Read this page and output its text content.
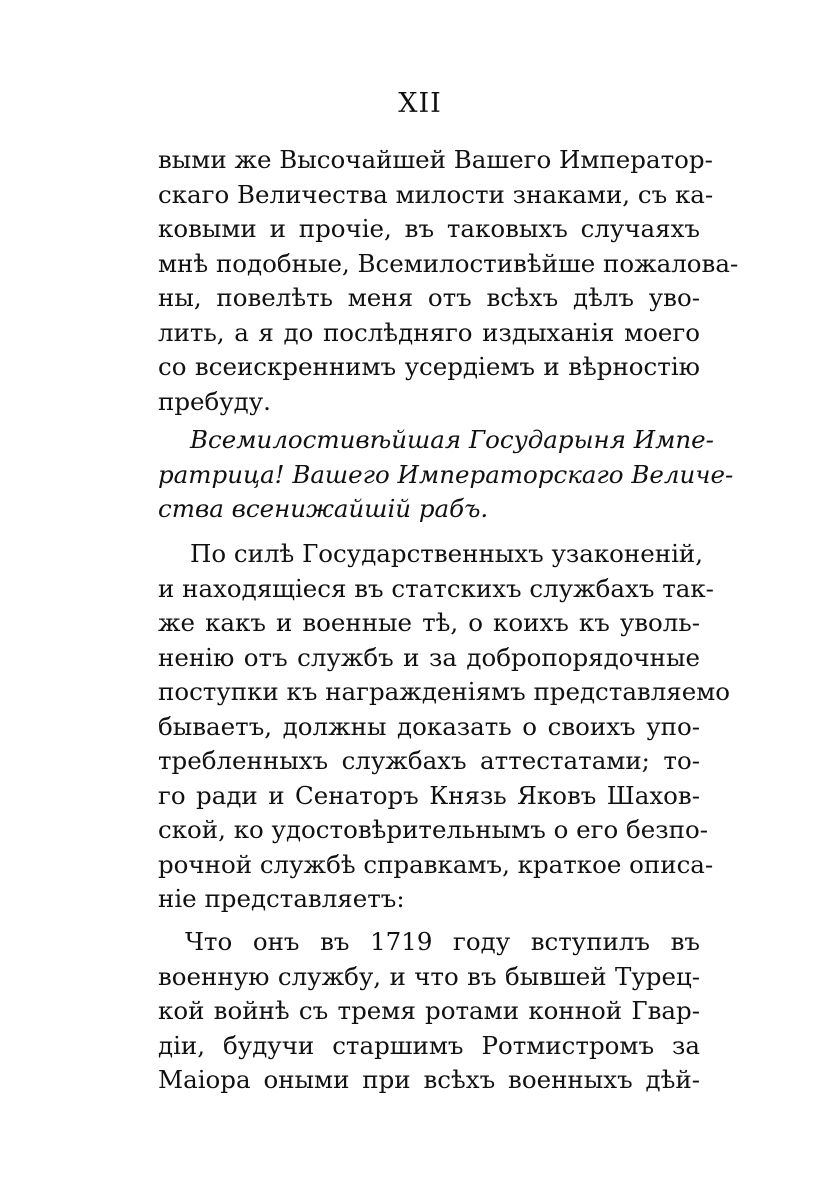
XII
выми же Высочайшей Вашего Император-
скаго Величества милости знаками, съ ка-
ковыми и прочіе, въ таковыхъ случаяхъ
мнѣ подобные, Всемилостивѣйше пожалова-
ны, повелѣть меня отъ всѣхъ дѣлъ уво-
лить, а я до послѣдняго издыханія моего
со всеискреннимъ усердіемъ и вѣрностію
пребуду.
Всемилостивѣйшая Государыня Импе-
ратрица! Вашего Императорскаго Величе-
ства всенижайшій рабъ.
По силѣ Государственныхъ узаконеній,
и находящіеся въ статскихъ службахъ так-
же какъ и военные тѣ, о коихъ къ уволь-
ненію отъ службъ и за добропорядочные
поступки къ награжденіямъ представляемо
бываетъ, должны доказать о своихъ упо-
требленныхъ службахъ аттестатами; то-
го ради и Сенаторъ Князь Яковъ Шахов-
ской, ко удостовѣрительнымъ о его безпо-
рочной службѣ справкамъ, краткое описа-
ніе представляетъ:
Что онъ въ 1719 году вступилъ въ
военную службу, и что въ бывшей Турец-
кой войнѣ съ тремя ротами конной Гвар-
діи, будучи старшимъ Ротмистромъ за
Маіора оными при всѣхъ военныхъ дѣй-
